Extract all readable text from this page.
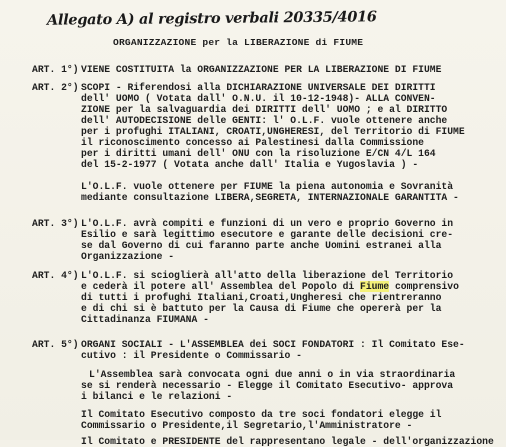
Allegato A) al registro verbali 20335/4016
ORGANIZZAZIONE per la LIBERAZIONE di FIUME
ART. 1°) VIENE COSTITUITA la ORGANIZZAZIONE PER LA LIBERAZIONE DI FIUME
ART. 2°) SCOPI - Riferendosi alla DICHIARAZIONE UNIVERSALE DEI DIRITTI
dell' UOMO ( Votata dall' O.N.U. il 10-12-1948)- ALLA CONVEN-
ZIONE per la salvaguardia dei DIRITTI dell' UOMO ; e al DIRITTO
dell' AUTODECISIONE delle GENTI: l' O.L.F. vuole ottenere anche
per i profughi ITALIANI, CROATI,UNGHERESI, del Territorio di FIUME
il riconoscimento concesso ai Palestinesi dalla Commissione
per i diritti umani dell' ONU con la risoluzione E/CN 4/L 164
del 15-2-1977 ( Votata anche dall' Italia e Yugoslavia ) -
L'O.L.F. vuole ottenere per FIUME la piena autonomia e Sovranità
mediante consultazione LIBERA,SEGRETA, INTERNAZIONALE GARANTITA -
ART. 3°) L'O.L.F. avrà compiti e funzioni di un vero e proprio Governo in
Esilio e sarà legittimo esecutore e garante delle decisioni cre-
se dal Governo di cui faranno parte anche Uomini estranei alla
Organizzazione -
ART. 4°) L'O.L.F. si scioglierà all'atto della liberazione del Territorio
e cederà il potere all' Assemblea del Popolo di Fiume comprensivo
di tutti i profughi Italiani,Croati,Ungheresi che rientreranno
e di chi si è battuto per la Causa di Fiume che opererà per la
Cittadinanza FIUMANA -
ART. 5°) ORGANI SOCIALI - L'ASSEMBLEA dei SOCI FONDATORI : Il Comitato Ese-
cutivo : il Presidente o Commissario -
L'Assemblea sarà convocata ogni due anni o in via straordinaria
se si renderà necessario - Elegge il Comitato Esecutivo- approva
i bilanci e le relazioni -
Il Comitato Esecutivo composto da tre soci fondatori elegge il
Commissario o Presidente,il Segretario,l'Amministratore -
Il Comitato e PRESIDENTE del rappresentano legale - dell'organizzazione
